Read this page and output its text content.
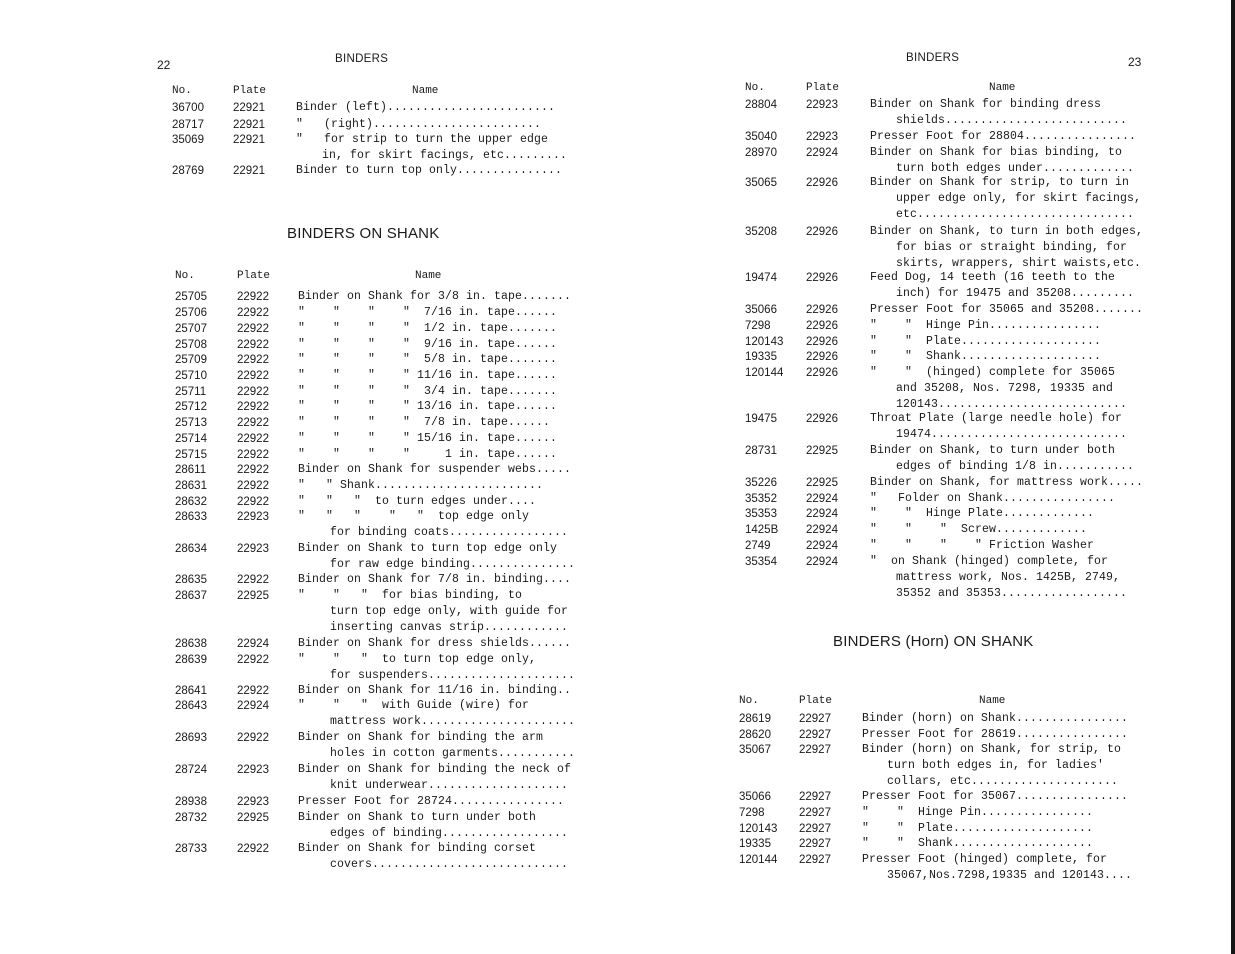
22	BINDERS
BINDERS ON SHANK
No.	Plate	Name
36700	22921	Binder (left)........................
28717	22921	"   (right)........................
35069	22921	"   for strip to turn the upper edge
in, for skirt facings, etc.........
28769	22921	Binder to turn top only...............
No.	Plate	Name
25705	22922	Binder on Shank for 3/8 in. tape.......
25706	22922	"    "    "    "  7/16 in. tape......
25707	22922	"    "    "    "  1/2 in. tape.......
25708	22922	"    "    "    "  9/16 in. tape......
25709	22922	"    "    "    "  5/8 in. tape.......
25710	22922	"    "    "    " 11/16 in. tape......
25711	22922	"    "    "    "  3/4 in. tape.......
25712	22922	"    "    "    " 13/16 in. tape......
25713	22922	"    "    "    "  7/8 in. tape......
25714	22922	"    "    "    " 15/16 in. tape......
25715	22922	"    "    "    "     1 in. tape......
28611	22922	Binder on Shank for suspender webs.....
28631	22922	"   " Shank........................
28632	22922	"   "   "  to turn edges under....
28633	22923	"   "   "    "   "  top edge only
for binding coats.................
28634	22923	Binder on Shank to turn top edge only
for raw edge binding...............
28635	22922	Binder on Shank for 7/8 in. binding....
28637	22925	"    "   "  for bias binding, to
turn top edge only, with guide for
inserting canvas strip............
28638	22924	Binder on Shank for dress shields......
28639	22922	"    "   "  to turn top edge only,
for suspenders.....................
28641	22922	Binder on Shank for 11/16 in. binding..
28643	22924	"    "   "  with Guide (wire) for
mattress work......................
28693	22922	Binder on Shank for binding the arm
holes in cotton garments...........
28724	22923	Binder on Shank for binding the neck of
knit underwear....................
28938	22923	Presser Foot for 28724................
28732	22925	Binder on Shank to turn under both
edges of binding..................
28733	22922	Binder on Shank for binding corset
covers............................
BINDERS	23
BINDERS (Horn) ON SHANK
No.	Plate	Name
28804	22923	Binder on Shank for binding dress
shields..........................
35040	22923	Presser Foot for 28804................
28970	22924	Binder on Shank for bias binding, to
turn both edges under.............
35065	22926	Binder on Shank for strip, to turn in
upper edge only, for skirt facings,
etc...............................
35208	22926	Binder on Shank, to turn in both edges,
for bias or straight binding, for
skirts, wrappers, shirt waists,etc.
19474	22926	Feed Dog, 14 teeth (16 teeth to the
inch) for 19475 and 35208.........
35066	22926	Presser Foot for 35065 and 35208.......
7298	22926	"    "  Hinge Pin................
120143 22926	"    "  Plate....................
19335	22926	"    "  Shank....................
120144 22926	"    "  (hinged) complete for 35065
and 35208, Nos. 7298, 19335 and
120143...........................
19475	22926	Throat Plate (large needle hole) for
19474............................
28731	22925	Binder on Shank, to turn under both
edges of binding 1/8 in...........
35226	22925	Binder on Shank, for mattress work.....
35352	22924	"   Folder on Shank................
35353	22924	"    "  Hinge Plate.............
1425B 22924	"    "    "  Screw.............
2749	22924	"    "    "    " Friction Washer
35354	22924	"  on Shank (hinged) complete, for
mattress work, Nos. 1425B, 2749,
35352 and 35353..................
No.	Plate	Name
28619 22927	Binder (horn) on Shank................
28620 22927	Presser Foot for 28619................
35067 22927	Binder (horn) on Shank, for strip, to
turn both edges in, for ladies'
collars, etc.....................
35066 22927	Presser Foot for 35067................
7298	22927	"    "  Hinge Pin................
120143 22927	"    "  Plate....................
19335 22927	"    "  Shank....................
120144 22927	Presser Foot (hinged) complete, for
35067,Nos.7298,19335 and 120143....
